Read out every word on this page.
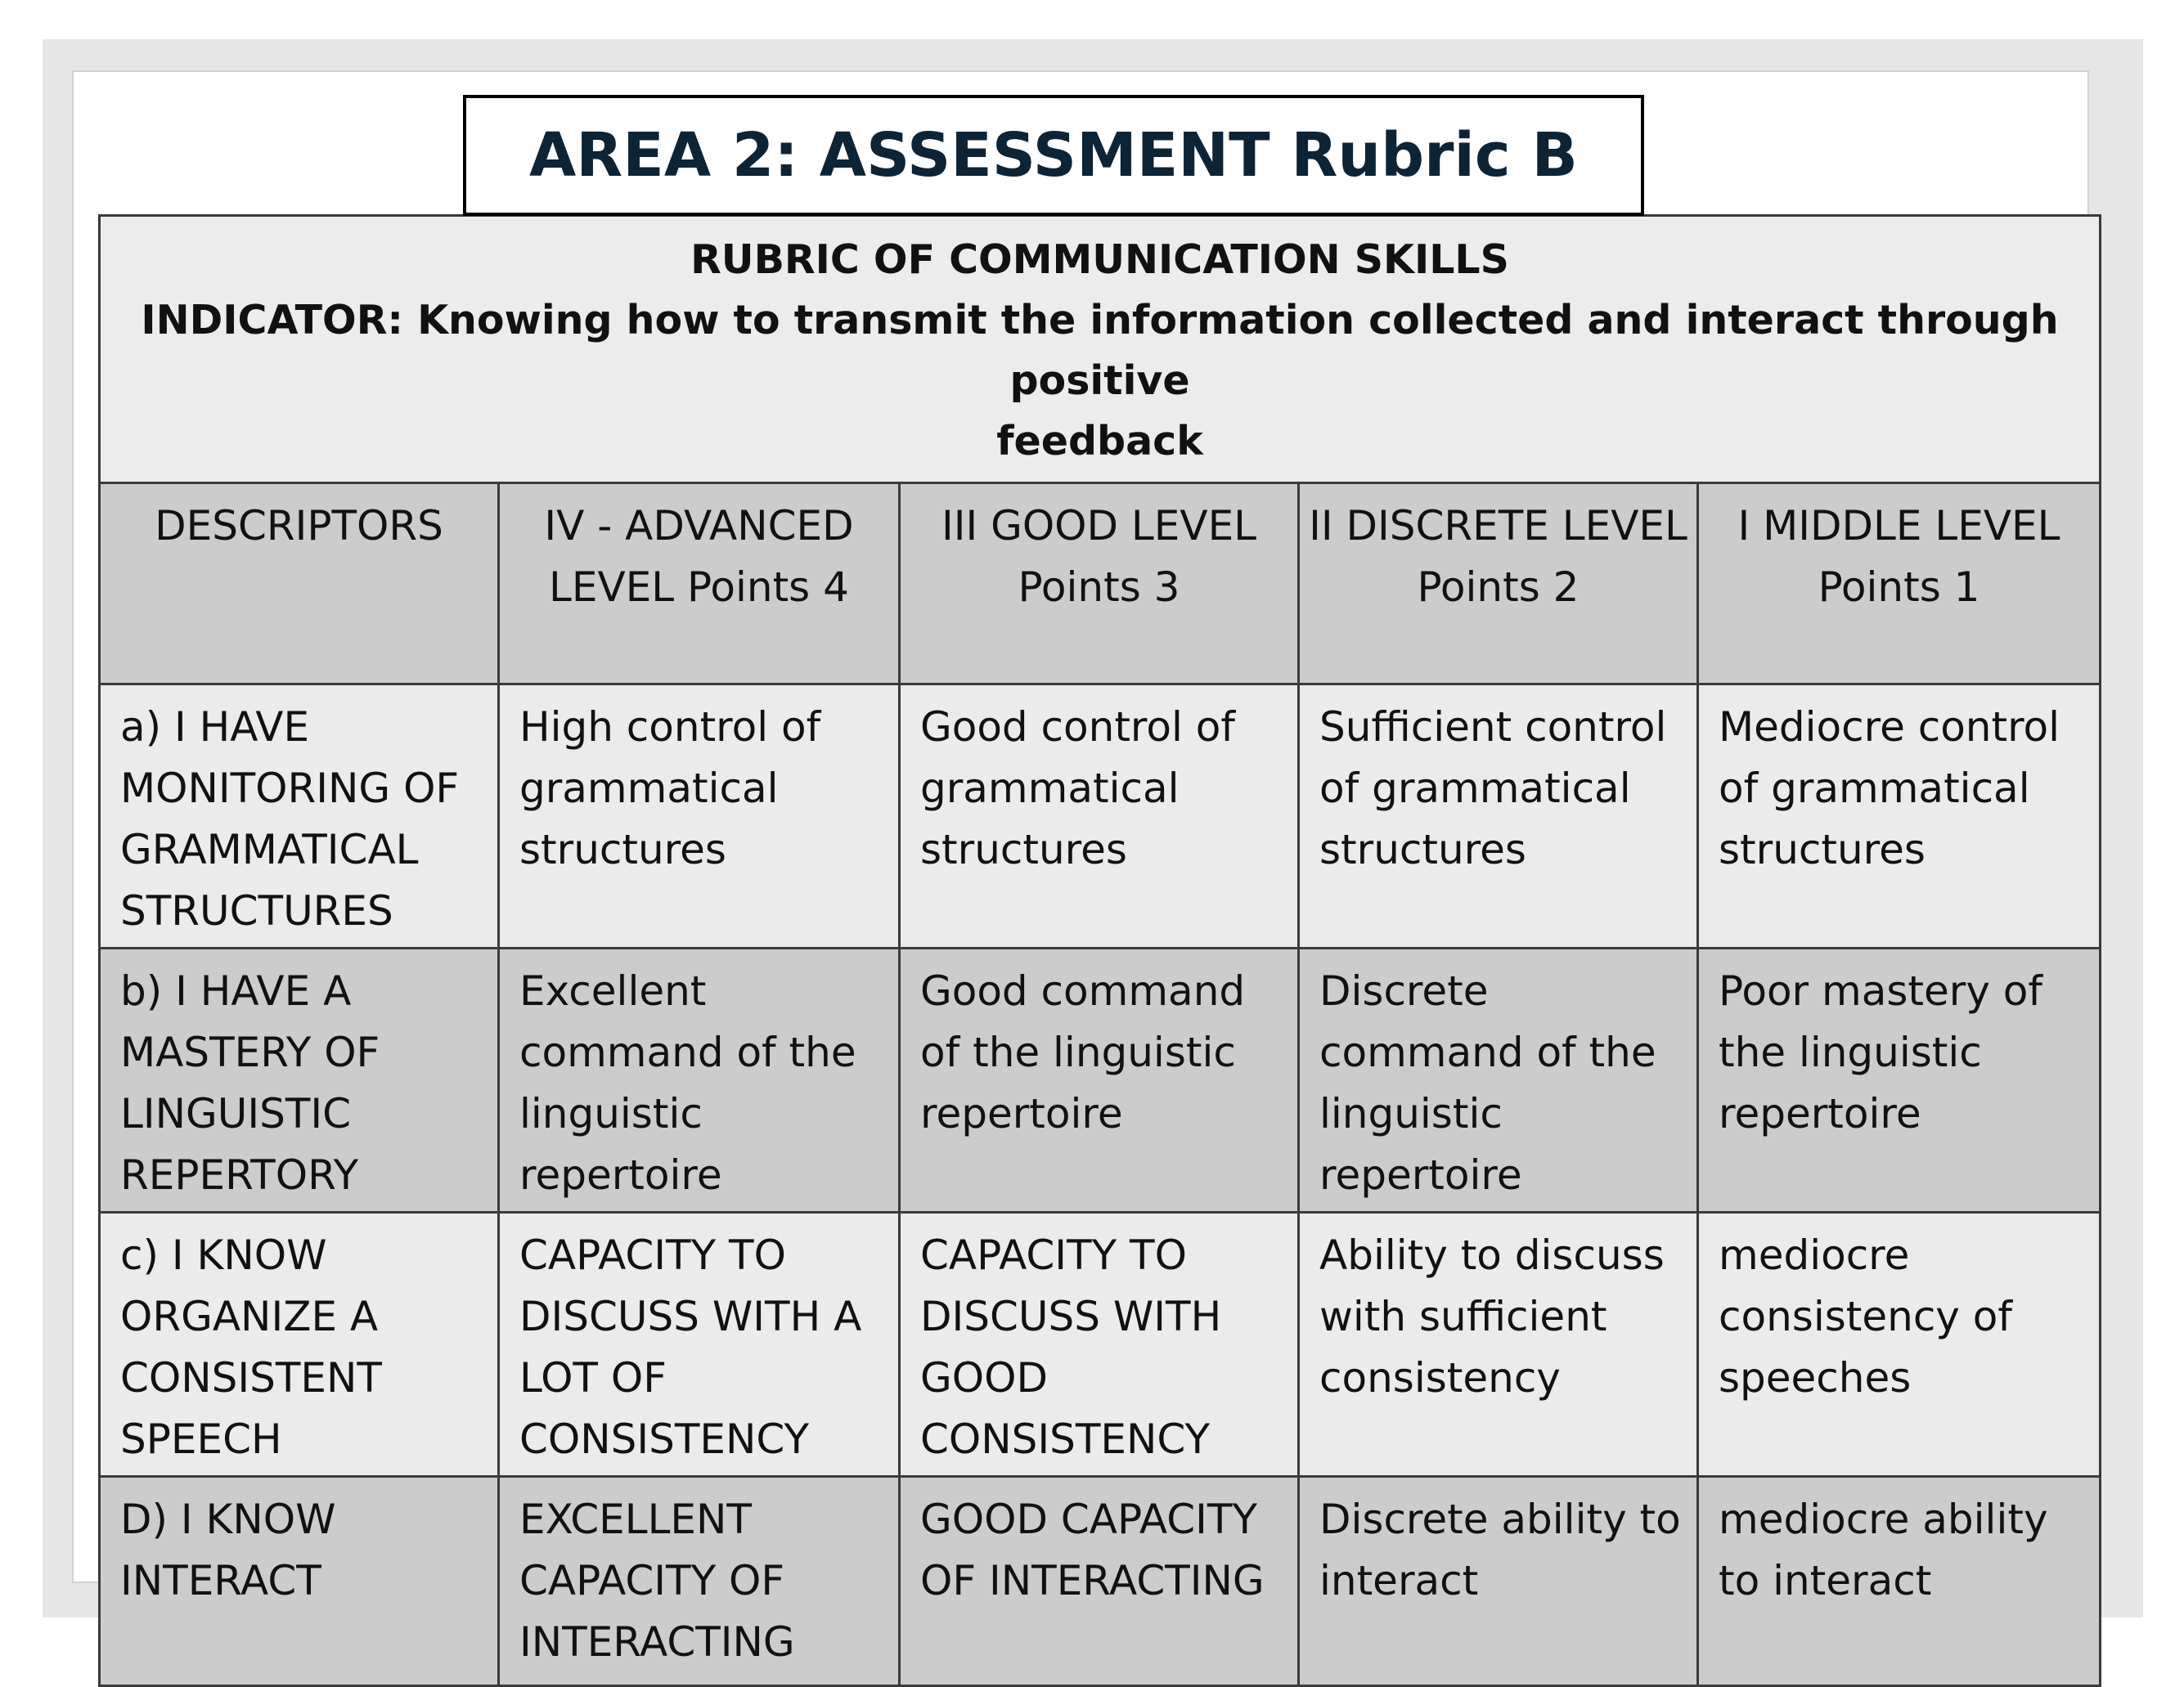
AREA 2: ASSESSMENT Rubric B
RUBRIC OF COMMUNICATION SKILLS
INDICATOR: Knowing how to transmit the information collected and interact through positive
feedback				

DESCRIPTORS	IV - ADVANCED LEVEL Points 4	III GOOD LEVEL Points 3	II DISCRETE LEVEL Points 2	I MIDDLE LEVEL Points 1
a) I HAVE MONITORING OF GRAMMATICAL STRUCTURES	High control of grammatical structures	Good control of grammatical structures	Sufficient control of grammatical structures	Mediocre control of grammatical structures
b) I HAVE A MASTERY OF LINGUISTIC REPERTORY	Excellent command of the linguistic repertoire	Good command of the linguistic repertoire	Discrete command of the linguistic repertoire	Poor mastery of the linguistic repertoire
c) I KNOW ORGANIZE A CONSISTENT SPEECH	CAPACITY TO DISCUSS WITH A LOT OF CONSISTENCY	CAPACITY TO DISCUSS WITH GOOD CONSISTENCY	Ability to discuss with sufficient consistency	mediocre consistency of speeches
D) I KNOW INTERACT	EXCELLENT CAPACITY OF INTERACTING	GOOD CAPACITY OF INTERACTING	Discrete ability to interact	mediocre ability to interact
